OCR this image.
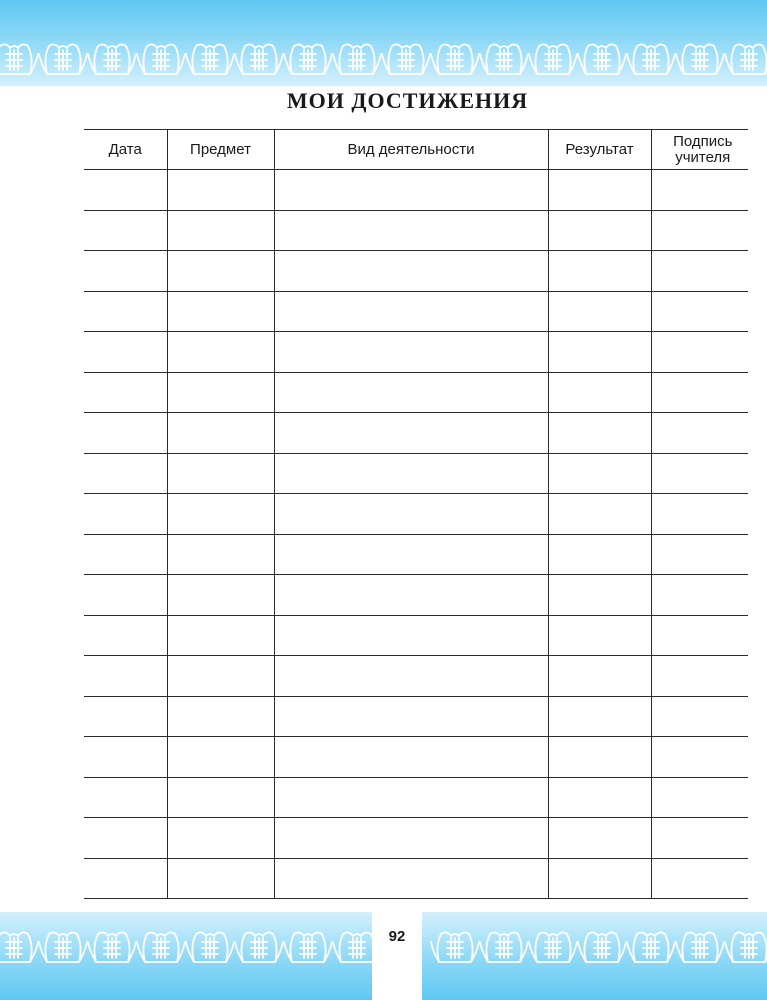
МОИ ДОСТИЖЕНИЯ
Дата	Предмет	Вид деятельности	Результат	Подпись учителя

92
